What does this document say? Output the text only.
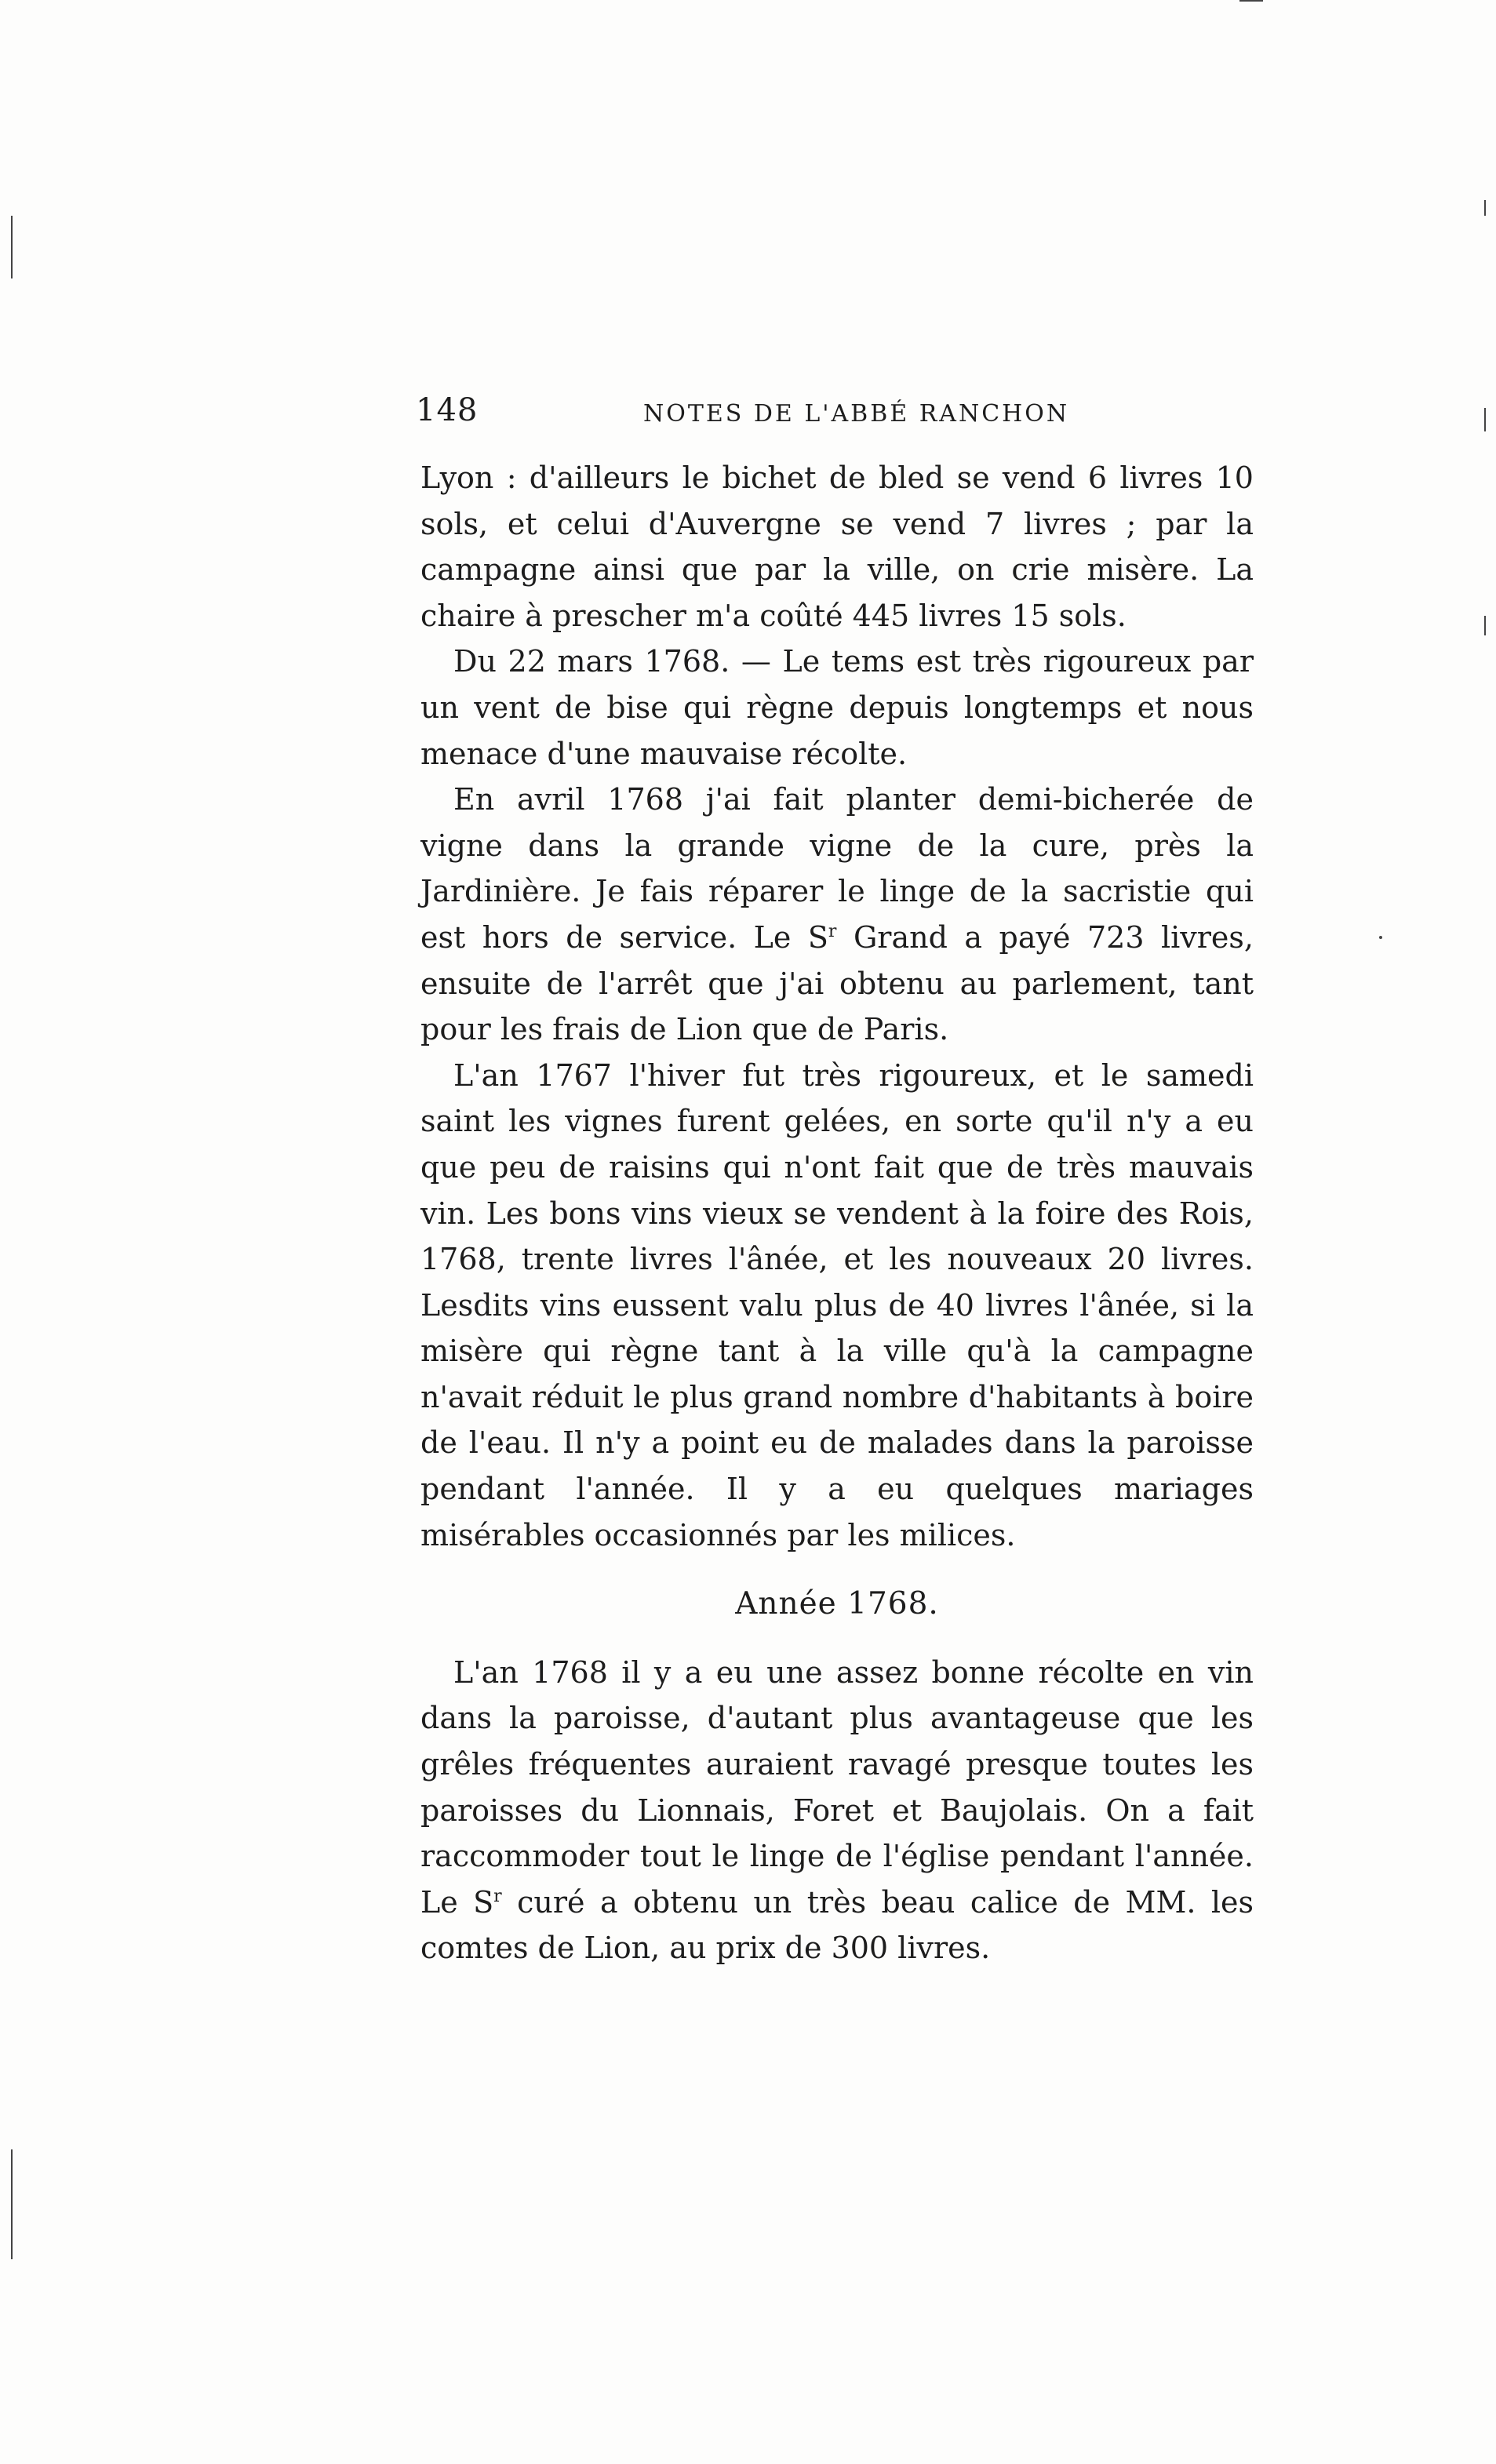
148	NOTES DE L'ABBÉ RANCHON

Lyon : d'ailleurs le bichet de bled se vend 6 livres 10 sols, et celui d'Auvergne se vend 7 livres ; par la campagne ainsi que par la ville, on crie misère. La chaire à prescher m'a coûté 445 livres 15 sols.

Du 22 mars 1768. — Le tems est très rigoureux par un vent de bise qui règne depuis longtemps et nous menace d'une mauvaise récolte.

En avril 1768 j'ai fait planter demi-bicherée de vigne dans la grande vigne de la cure, près la Jardinière. Je fais réparer le linge de la sacristie qui est hors de service. Le $S^r$ Grand a payé 723 livres, ensuite de l'arrêt que j'ai obtenu au parlement, tant pour les frais de Lion que de Paris.

L'an 1767 l'hiver fut très rigoureux, et le samedi saint les vignes furent gelées, en sorte qu'il n'y a eu que peu de raisins qui n'ont fait que de très mauvais vin. Les bons vins vieux se vendent à la foire des Rois, 1768, trente livres l'ânée, et les nouveaux 20 livres. Lesdits vins eussent valu plus de 40 livres l'ânée, si la misère qui règne tant à la ville qu'à la campagne n'avait réduit le plus grand nombre d'habitants à boire de l'eau. Il n'y a point eu de malades dans la paroisse pendant l'année. Il y a eu quelques mariages misérables occasionnés par les milices.

Année 1768.

L'an 1768 il y a eu une assez bonne récolte en vin dans la paroisse, d'autant plus avantageuse que les grêles fréquentes auraient ravagé presque toutes les paroisses du Lionnais, Foret et Baujolais. On a fait raccommoder tout le linge de l'église pendant l'année. Le $S^r$ curé a obtenu un très beau calice de MM. les comtes de Lion, au prix de 300 livres.
